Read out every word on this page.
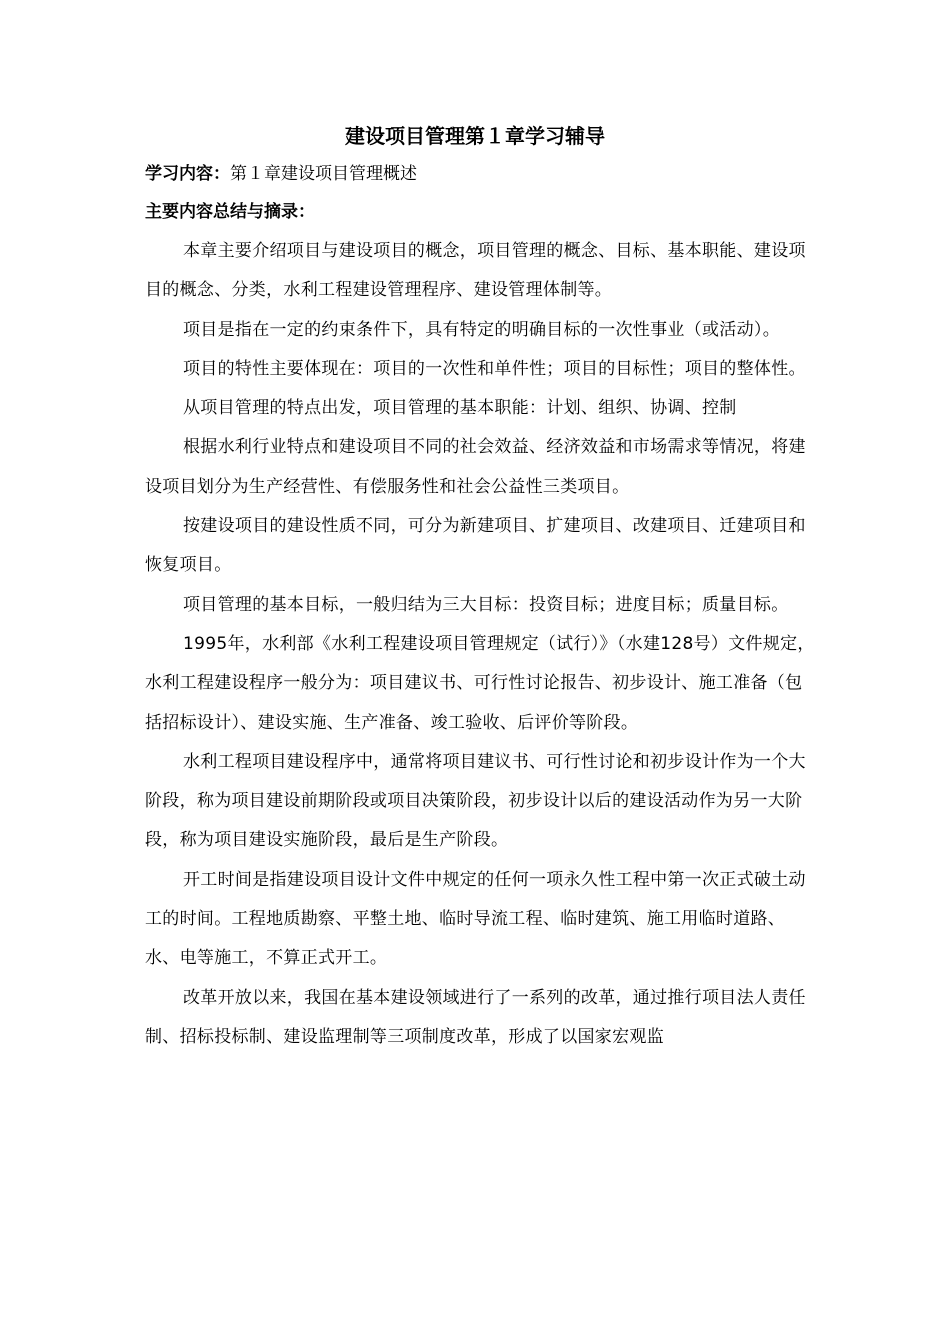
建设项目管理第１章学习辅导
学习内容：第１章建设项目管理概述
主要内容总结与摘录：

本章主要介绍项目与建设项目的概念，项目管理的概念、目标、基本职能、建设项目的概念、分类，水利工程建设管理程序、建设管理体制等。

项目是指在一定的约束条件下，具有特定的明确目标的一次性事业（或活动）。

项目的特性主要体现在：项目的一次性和单件性；项目的目标性；项目的整体性。

从项目管理的特点出发，项目管理的基本职能：计划、组织、协调、控制

根据水利行业特点和建设项目不同的社会效益、经济效益和市场需求等情况，将建设项目划分为生产经营性、有偿服务性和社会公益性三类项目。

按建设项目的建设性质不同，可分为新建项目、扩建项目、改建项目、迁建项目和恢复项目。

项目管理的基本目标，一般归结为三大目标：投资目标；进度目标；质量目标。

1995年，水利部《水利工程建设项目管理规定（试行）》（水建128号）文件规定，水利工程建设程序一般分为：项目建议书、可行性讨论报告、初步设计、施工准备（包括招标设计）、建设实施、生产准备、竣工验收、后评价等阶段。

水利工程项目建设程序中，通常将项目建议书、可行性讨论和初步设计作为一个大阶段，称为项目建设前期阶段或项目决策阶段，初步设计以后的建设活动作为另一大阶段，称为项目建设实施阶段，最后是生产阶段。

开工时间是指建设项目设计文件中规定的任何一项永久性工程中第一次正式破土动工的时间。工程地质勘察、平整土地、临时导流工程、临时建筑、施工用临时道路、水、电等施工，不算正式开工。

改革开放以来，我国在基本建设领域进行了一系列的改革，通过推行项目法人责任制、招标投标制、建设监理制等三项制度改革，形成了以国家宏观监
